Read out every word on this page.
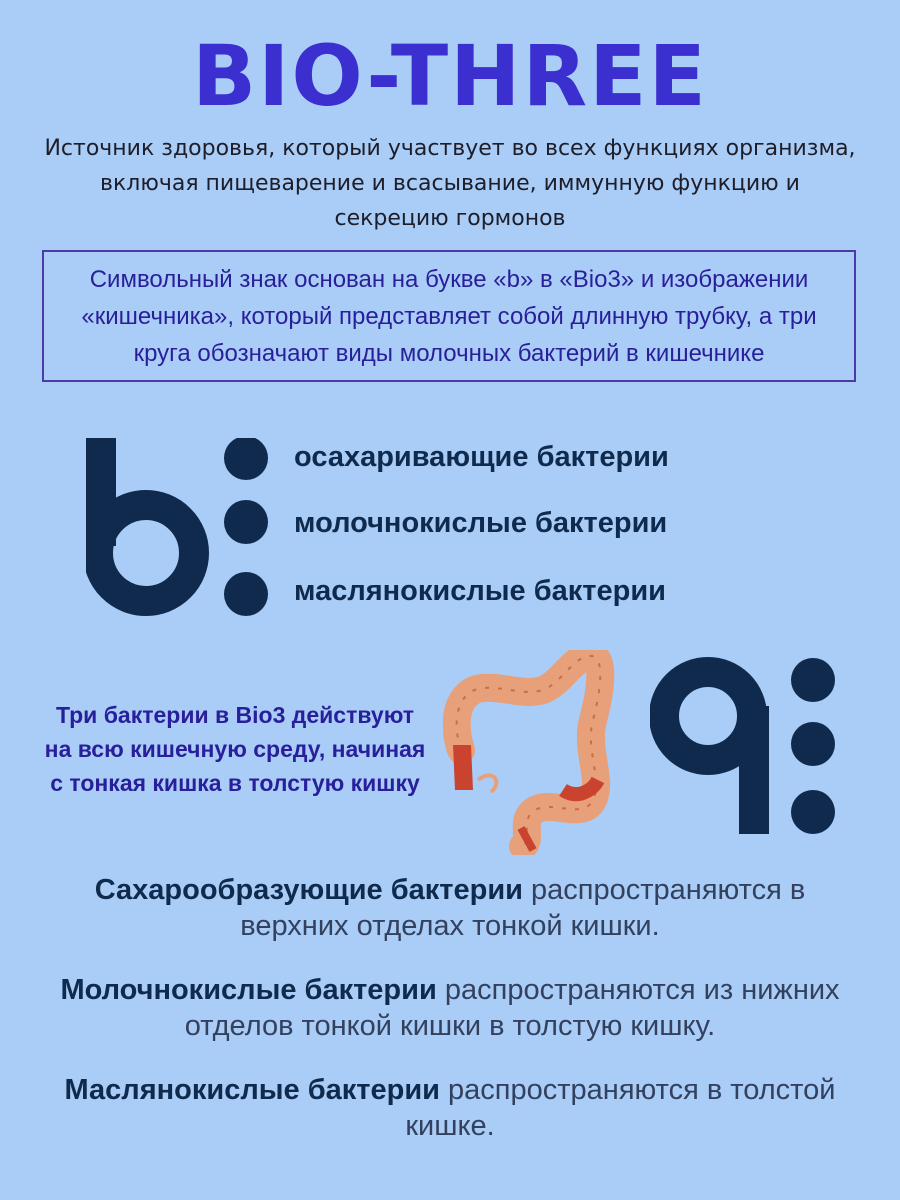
BIO-THREE
Источник здоровья, который участвует во всех функциях организма, включая пищеварение и всасывание, иммунную функцию и секрецию гормонов
Символьный знак основан на букве «b» в «Bio3» и изображении «кишечника», который представляет собой длинную трубку, а три круга обозначают виды молочных бактерий в кишечнике
осахаривающие бактерии
молочнокислые бактерии
маслянокислые бактерии
Три бактерии в Bio3 действуют на всю кишечную среду, начиная с тонкая кишка в толстую кишку
Сахарообразующие бактерии распространяются в верхних отделах тонкой кишки.
Молочнокислые бактерии распространяются из нижних отделов тонкой кишки в толстую кишку.
Маслянокислые бактерии распространяются в толстой кишке.
